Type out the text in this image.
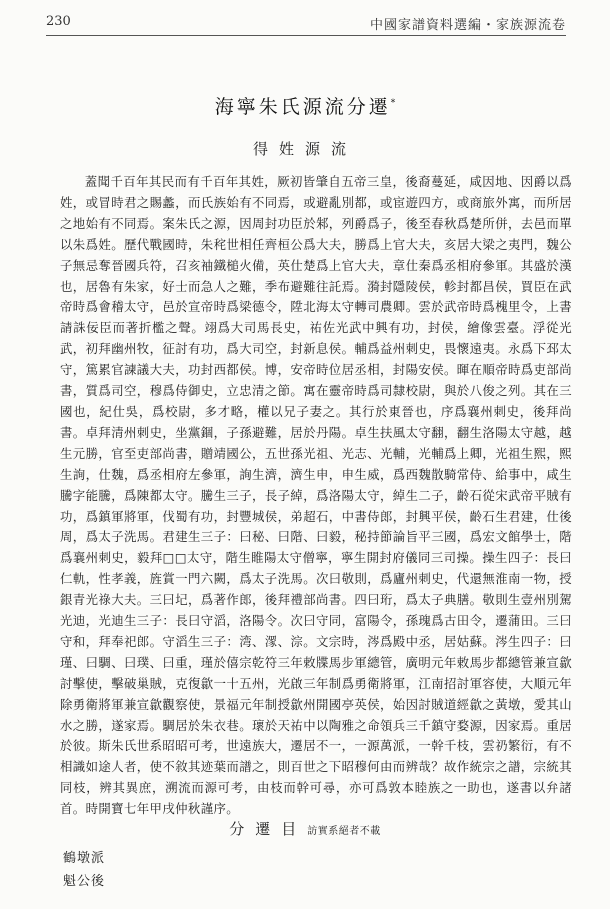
230	中國家譜資料選編・家族源流卷
海寧朱氏源流分遷*
得姓源流
蓋聞千百年其民而有千百年其姓，厥初皆肇自五帝三皇，後裔蔓延，咸因地、因爵以爲姓，或冒時君之賜蠡，而氏族始有不同焉，或避亂別都，或宦遊四方，或商旅外寓，而所居之地始有不同焉。案朱氏之源，因周封功臣於邾，列爵爲子，後至春秋爲楚所併，去邑而單以朱爲姓。歷代戰國時，朱秺世相任齊桓公爲大夫，勝爲上官大夫，亥居大梁之夷門，魏公子無忌奪晉國兵符，召亥袖鐵槌火備，英仕楚爲上官大夫，章仕秦爲丞相府參軍。其盛於漢也，居魯有朱家，好士而急人之難，季布避難往託焉。漪封隱陵侯，軫封都昌侯，買臣在武帝時爲會稽太守，邑於宣帝時爲梁德令，陞北海太守轉司農卿。雲於武帝時爲槐里令，上書請誅佞臣而著折檻之聲。翊爲大司馬長史，祐佐光武中興有功，封侯，繪像雲臺。浮從光武，初拜幽州牧，征討有功，爲大司空，封新息侯。輔爲益州刺史，畏懷遠夷。永爲下邳太守，篤累官諫議大夫，功封西都侯。博，安帝時位居丞相，封陽安侯。暉在順帝時爲吏部尚書，質爲司空，穆爲侍御史，立忠清之節。寓在靈帝時爲司隸校尉，與於八俊之列。其在三國也，紀仕吳，爲校尉，多才略，權以兄子妻之。其行於東晉也，序爲襄州刺史，後拜尚書。卓拜清州刺史，坐黨錮，子孫避難，居於丹陽。卓生扶風太守翻，翻生洛陽太守越，越生元勝，官至吏部尚書，贈靖國公，五世孫光祖、光志、光輔，光輔爲上卿，光祖生熙，熙生詢，仕魏，爲丞相府左參軍，詢生濟，濟生申，申生威，爲西魏散騎常侍、給事中，咸生騰字能騰，爲陳都太守。騰生三子，長子綽，爲洛陽太守，綽生二子，齡石從宋武帝平賊有功，爲鎮軍將軍，伐蜀有功，封豐城侯，弟超石，中書侍郎，封興平侯，齡石生君建，仕後周，爲太子洗馬。君建生三子：曰秘、曰階、曰毅，秘持節論旨平三國，爲宏文館學士，階爲襄州刺史，毅拜□□太守，階生睢陽太守僧寧，寧生開封府儀同三司操。操生四子：長曰仁軌，性孝義，旌賞一門六闕，爲太子洗馬。次曰敬則，爲廬州刺史，代還無淮南一物，授銀青光祿大夫。三曰圮，爲著作郎，後拜禮部尚書。四曰珩，爲太子典膳。敬則生壹州別駕光迪，光迪生三子：長曰守滔，洛陽令。次曰守同，富陽令，孫瑰爲古田令，遷蒲田。三曰守和，拜奉祀郎。守滔生三子：湾、潈、淙。文宗時，涔爲殿中丞，居姑蘇。涔生四子：曰瑾、曰騆、曰璞、曰重，瑾於僖宗乾符三年敕牒馬步軍總管，廣明元年敕馬步都總管兼宣歙討擊使，擊破巢賊，克復歙一十五州，光啟三年制爲勇衛將軍，江南招討軍容使，大順元年除勇衛將軍兼宣歙觀察使，景福元年制授歙州開國亭英侯，始因討賊道經歙之黃墩，愛其山水之勝，遂家焉。騆居於朱衣巷。瓌於天祐中以陶雅之命領兵三千鎮守婺源，因家焉。重居於彼。斯朱氏世系昭昭可考，世遠族大，遷居不一，一源萬派，一幹千枝，雲礽繁衍，有不相識如途人者，使不敘其迹葉而譜之，則百世之下昭穆何由而辨哉？故作統宗之譜，宗統其同枝，辨其異庶，溯流而源可考，由枝而幹可尋，亦可爲敦本睦族之一助也，遂書以弁諸首。時開寶七年甲戌仲秋謹序。
分遷目訪實系絕者不載
鶴墩派
魁公後
